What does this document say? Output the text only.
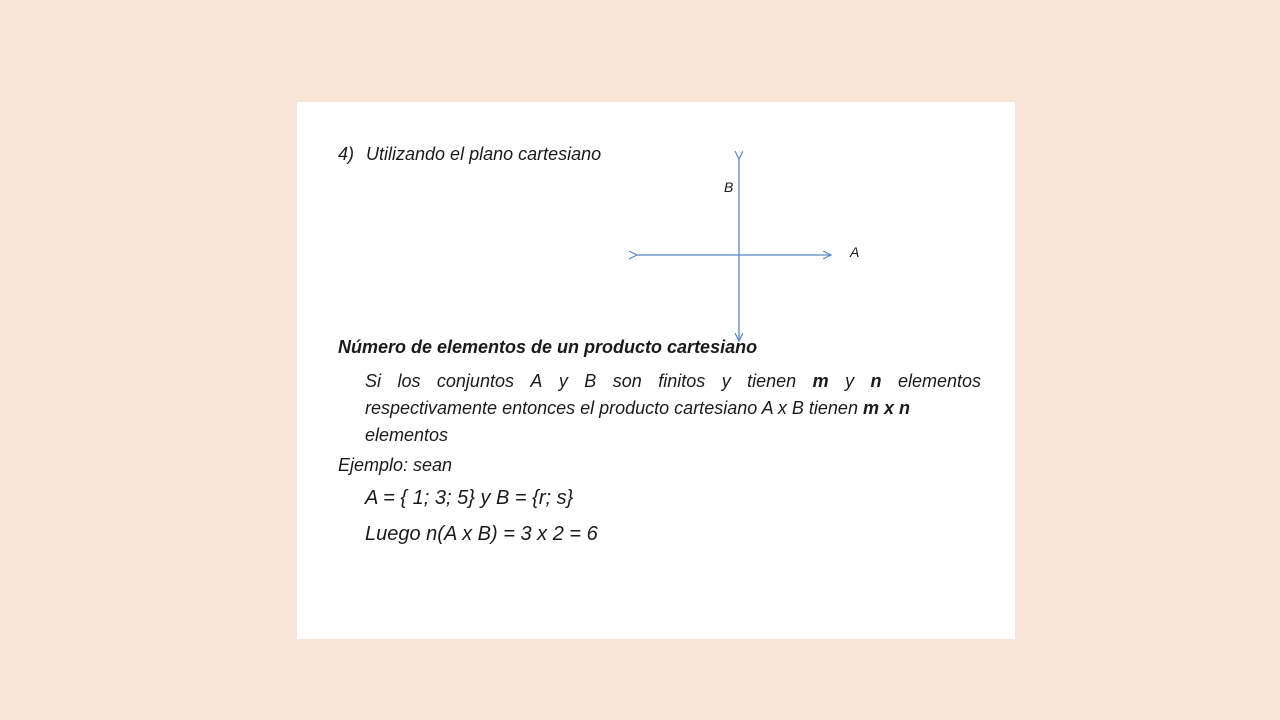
4) Utilizando el plano cartesiano
B
A
Número de elementos de un producto cartesiano
Si los conjuntos A y B son finitos y tienen m y n elementos
respectivamente entonces el producto cartesiano A x B tienen m x n
elementos
Ejemplo: sean
A = { 1; 3; 5} y B = {r; s}
Luego n(A x B) = 3 x 2 = 6
